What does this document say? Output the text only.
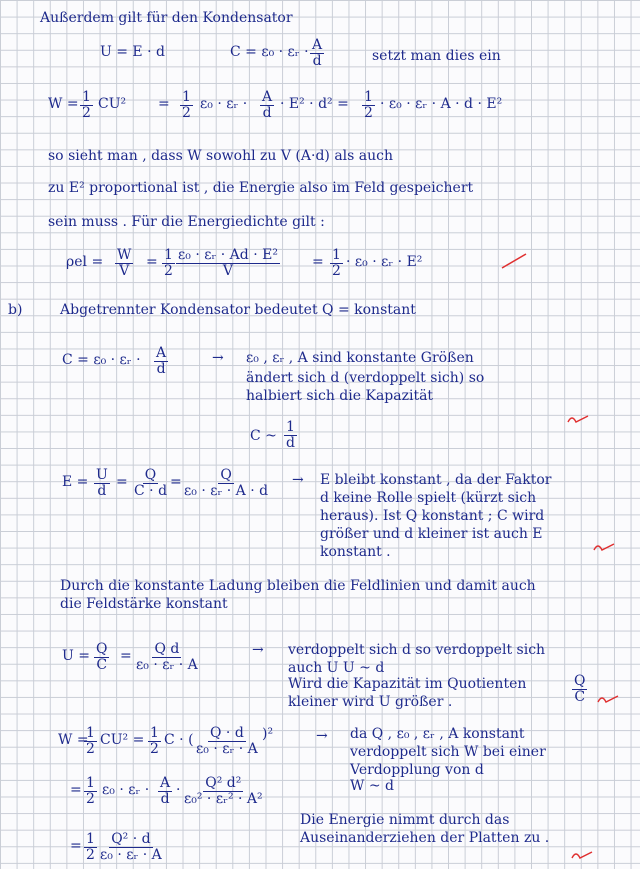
Außerdem gilt für den Kondensator
U = E · d	C = ε₀ · εᵣ · $\frac{A}{d}$	setzt man dies ein
$W = \frac{1}{2} CU^2 = \frac{1}{2} \varepsilon_0$ · εᵣ · $\frac{A}{d} \cdot E^2 \cdot d^2 = \frac{1}{2} \cdot \varepsilon_0$ · εᵣ · A · d · E²
so sieht man , dass W sowohl zu V (A·d) als auch
zu E² proportional ist , die Energie also im Feld gespeichert
sein muss . Für die Energiedichte gilt :
$\rho el = \frac{W}{V} = \frac{1}{2} \frac{\text{ε₀ · εᵣ · Ad · E²}}{V} = \frac{1}{2} \cdot \varepsilon_0$ · εᵣ · E²
b)	Abgetrennter Kondensator bedeutet Q = konstant
C = ε₀ · εᵣ · $\frac{A}{d}$	→ ε₀ , εᵣ , A sind konstante Größen
ändert sich d (verdoppelt sich) so
halbiert sich die Kapazität
C ~ $\frac{1}{d}$
$E = \frac{U}{d} = \frac{Q}{C \cdot d} = \frac{Q}{\text{ε₀ · εᵣ · A · d}} \to E$ bleibt konstant , da der Faktor
d keine Rolle spielt (kürzt sich
heraus). Ist Q konstant ; C wird
größer und d kleiner ist auch E
konstant .
Durch die konstante Ladung bleiben die Feldlinien und damit auch
die Feldstärke konstant
$U = \frac{Q}{C} = \frac{\text{Q d}}{\text{ε₀ · εᵣ · A}}$	→ verdoppelt sich d so verdoppelt sich
auch U U ~ d
Wird die Kapazität im Quotienten	$\frac{Q}{C}$
kleiner wird U größer .
W =
$\frac{1}{2} CU^2 = \frac{1}{2}$ C · ( $\frac{Q \cdot d}{\text{ε₀ · εᵣ · A}} )^2$	→ da Q , ε₀ , εᵣ , A konstant
verdoppelt sich W bei einer
Verdopplung von d
W ~ d
= $\frac{1}{2} \varepsilon_0$ · εᵣ · $\frac{A}{d} \cdot \frac{\text{Q² d²}}{\text{ε₀² · εᵣ² · A²}}$
Die Energie nimmt durch das
Auseinanderziehen der Platten zu .
= $\frac{1}{2} \frac{\text{Q² · d}}{\text{ε₀ · εᵣ · A}}$
